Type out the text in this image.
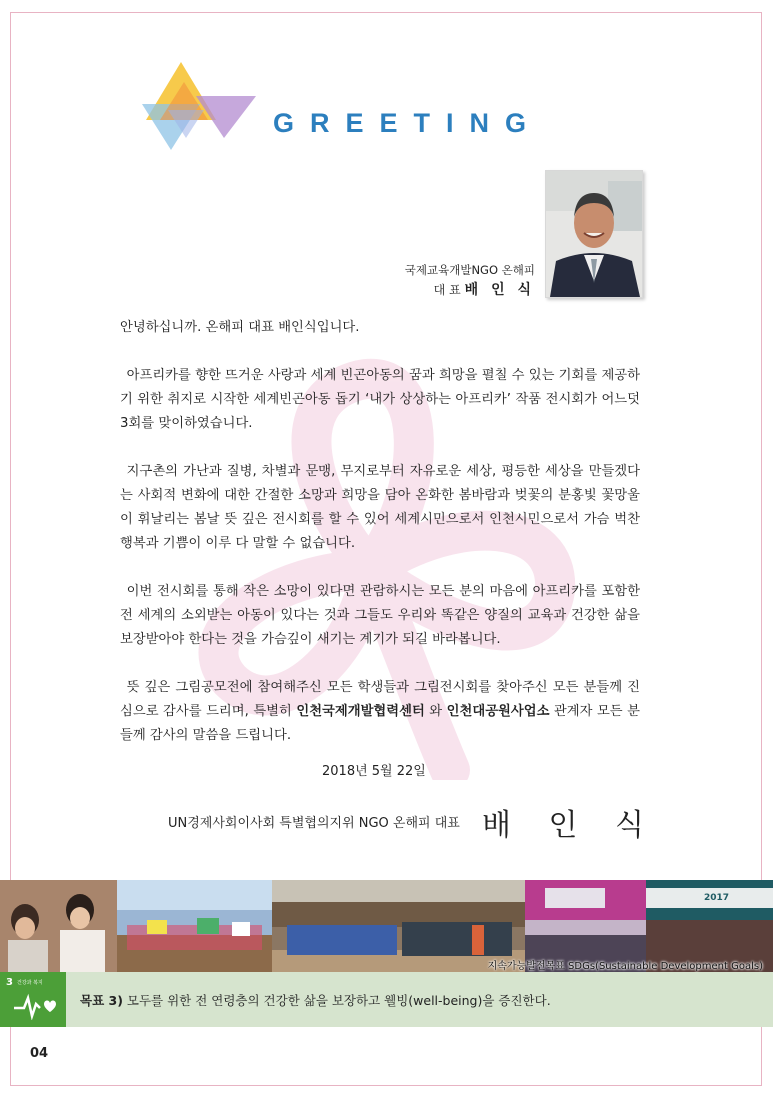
GREETING
국제교육개발NGO 온해피
대 표 배 인 식

안녕하십니까. 온해피 대표 배인식입니다.

아프리카를 향한 뜨거운 사랑과 세계 빈곤아동의 꿈과 희망을 펼칠 수 있는 기회를 제공하기 위한 취지로 시작한 세계빈곤아동 돕기 ‘내가 상상하는 아프리카’ 작품 전시회가 어느덧 3회를 맞이하였습니다.

지구촌의 가난과 질병, 차별과 문맹, 무지로부터 자유로운 세상, 평등한 세상을 만들겠다는 사회적 변화에 대한 간절한 소망과 희망을 담아 온화한 봄바람과 벚꽃의 분홍빛 꽃망울이 휘날리는 봄날 뜻 깊은 전시회를 할 수 있어 세계시민으로서 인천시민으로서 가슴 벅찬 행복과 기쁨이 이루 다 말할 수 없습니다.

이번 전시회를 통해 작은 소망이 있다면 관람하시는 모든 분의 마음에 아프리카를 포함한 전 세계의 소외받는 아동이 있다는 것과 그들도 우리와 똑같은 양질의 교육과 건강한 삶을 보장받아야 한다는 것을 가슴깊이 새기는 계기가 되길 바라봅니다.

뜻 깊은 그림공모전에 참여해주신 모든 학생들과 그림전시회를 찾아주신 모든 분들께 진심으로 감사를 드리며, 특별히 인천국제개발협력센터 와 인천대공원사업소 관계자 모든 분들께 감사의 말씀을 드립니다.

2018년 5월 22일
UN경제사회이사회 특별협의지위 NGO 온해피 대표 배 인 식
2017
지속가능발전목표 SDGs(Sustainable Development Goals)
3 건강과 복지
목표 3) 모두를 위한 전 연령층의 건강한 삶을 보장하고 웰빙(well-being)을 증진한다.
04
